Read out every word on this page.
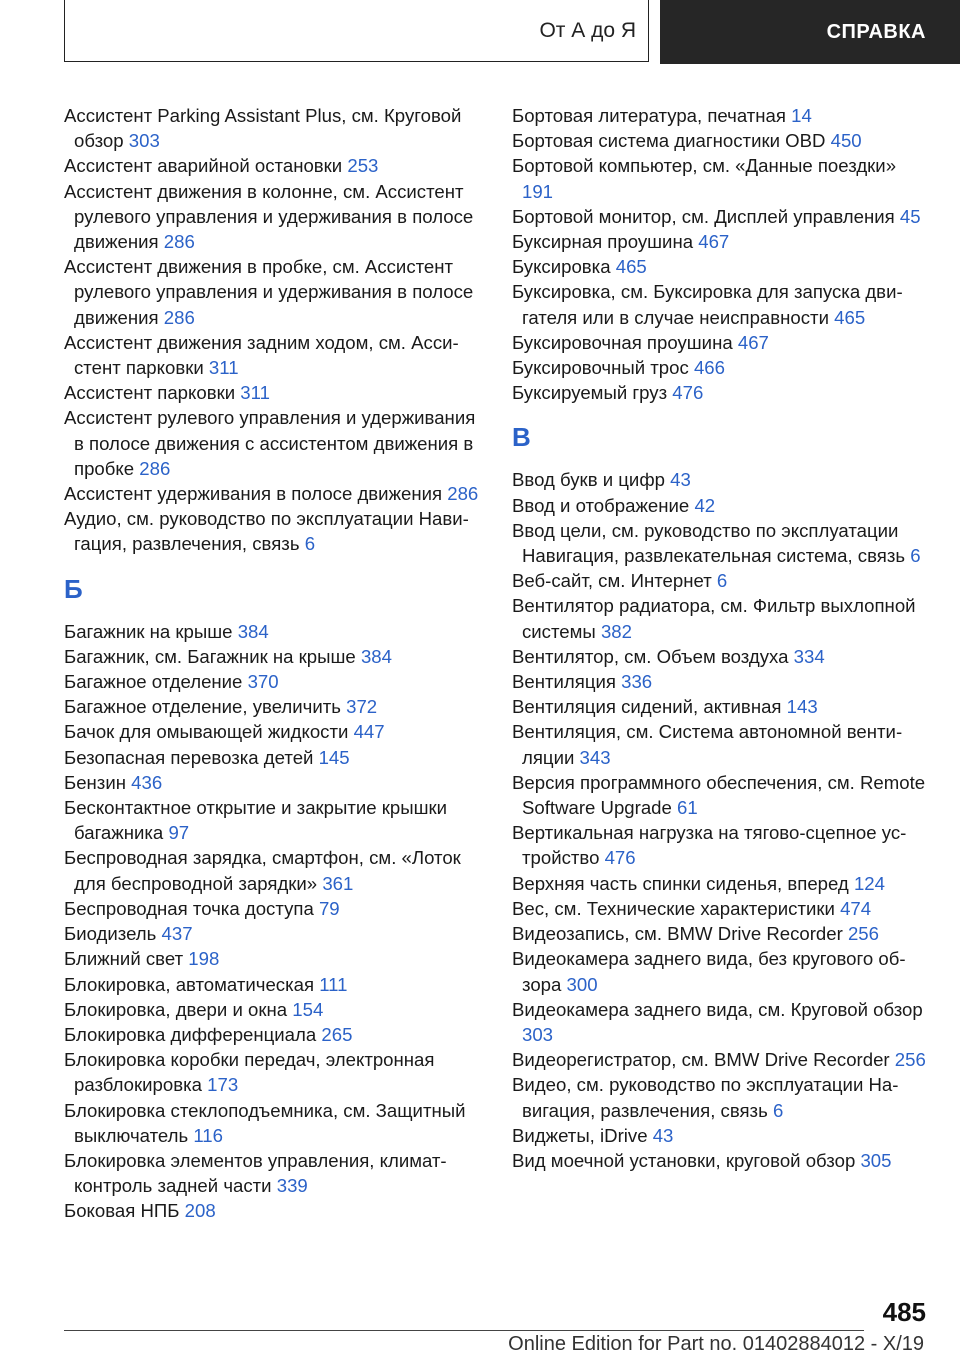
От А до Я	СПРАВКА

Ассистент Parking Assistant Plus, см. Круговой обзор 303

Ассистент аварийной остановки 253

Ассистент движения в колонне, см. Ассистент рулевого управления и удерживания в полосе движения 286

Ассистент движения в пробке, см. Ассистент рулевого управления и удерживания в полосе движения 286

Ассистент движения задним ходом, см. Ассистент парковки 311

Ассистент парковки 311

Ассистент рулевого управления и удерживания в полосе движения с ассистентом движения в пробке 286

Ассистент удерживания в полосе движения 286

Аудио, см. руководство по эксплуатации Навигация, развлечения, связь 6

Б

Багажник на крыше 384

Багажник, см. Багажник на крыше 384

Багажное отделение 370

Багажное отделение, увеличить 372

Бачок для омывающей жидкости 447

Безопасная перевозка детей 145

Бензин 436

Бесконтактное открытие и закрытие крышки багажника 97

Беспроводная зарядка, смартфон, см. «Лоток для беспроводной зарядки» 361

Беспроводная точка доступа 79

Биодизель 437

Ближний свет 198

Блокировка, автоматическая 111

Блокировка, двери и окна 154

Блокировка дифференциала 265

Блокировка коробки передач, электронная разблокировка 173

Блокировка стеклоподъемника, см. Защитный выключатель 116

Блокировка элементов управления, климат-контроль задней части 339

Боковая НПБ 208

Бортовая литература, печатная 14

Бортовая система диагностики OBD 450

Бортовой компьютер, см. «Данные поездки» 191

Бортовой монитор, см. Дисплей управления 45

Буксирная проушина 467

Буксировка 465

Буксировка, см. Буксировка для запуска двигателя или в случае неисправности 465

Буксировочная проушина 467

Буксировочный трос 466

Буксируемый груз 476

В

Ввод букв и цифр 43

Ввод и отображение 42

Ввод цели, см. руководство по эксплуатации Навигация, развлекательная система, связь 6

Веб-сайт, см. Интернет 6

Вентилятор радиатора, см. Фильтр выхлопной системы 382

Вентилятор, см. Объем воздуха 334

Вентиляция 336

Вентиляция сидений, активная 143

Вентиляция, см. Система автономной вентиляции 343

Версия программного обеспечения, см. Remote Software Upgrade 61

Вертикальная нагрузка на тягово-сцепное устройство 476

Верхняя часть спинки сиденья, вперед 124

Вес, см. Технические характеристики 474

Видеозапись, см. BMW Drive Recorder 256

Видеокамера заднего вида, без кругового обзора 300

Видеокамера заднего вида, см. Круговой обзор 303

Видеорегистратор, см. BMW Drive Recorder 256

Видео, см. руководство по эксплуатации Навигация, развлечения, связь 6

Виджеты, iDrive 43

Вид моечной установки, круговой обзор 305

485
Online Edition for Part no. 01402884012 - X/19
